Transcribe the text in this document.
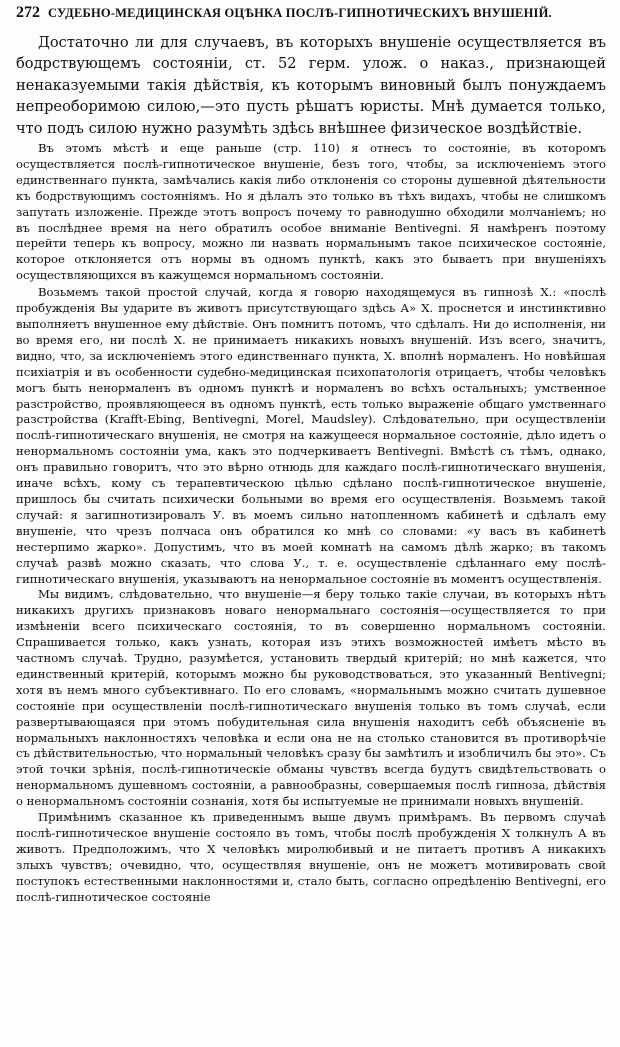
272 СУДЕБНО-МЕДИЦИНСКАЯ ОЦѢНКА ПОСЛѢ-ГИПНОТИЧЕСКИХЪ ВНУШЕНІЙ.

Достаточно ли для случаевъ, въ которыхъ внушеніе осуществляется въ бодрствующемъ состояніи, ст. 52 герм. улож. о наказ., признающей ненаказуемыми такія дѣйствія, къ которымъ виновный былъ понуждаемъ непреоборимою силою,—это пусть рѣшатъ юристы. Мнѣ думается только, что подъ силою нужно разумѣть здѣсь внѣшнее физическое воздѣйствіе.

Въ этомъ мѣстѣ и еще раньше (стр. 110) я отнесъ то состояніе, въ которомъ осуществляется послѣ-гипнотическое внушеніе, безъ того, чтобы, за исключеніемъ этого единственнаго пункта, замѣчались какія либо отклоненія со стороны душевной дѣятельности къ бодрствующимъ состояніямъ. Но я дѣлалъ это только въ тѣхъ видахъ, чтобы не слишкомъ запутать изложеніе. Прежде этотъ вопросъ почему то равнодушно обходили молчаніемъ; но въ послѣднее время на него обратилъ особое вниманіе Bentivegni. Я намѣренъ поэтому перейти теперь къ вопросу, можно ли назвать нормальнымъ такое психическое состояніе, которое отклоняется отъ нормы въ одномъ пунктѣ, какъ это бываетъ при внушеніяхъ осуществляющихся въ кажущемся нормальномъ состояніи.

Возьмемъ такой простой случай, когда я говорю находящемуся въ гипнозѣ X.: «послѣ пробужденія Вы ударите въ животъ присутствующаго здѣсь А» X. проснется и инстинктивно выполняетъ внушенное ему дѣйствіе. Онъ помнитъ потомъ, что сдѣлалъ. Ни до исполненія, ни во время его, ни послѣ X. не принимаетъ никакихъ новыхъ внушеній. Изъ всего, значитъ, видно, что, за исключеніемъ этого единственнаго пункта, X. вполнѣ нормаленъ. Но новѣйшая психіатрія и въ особенности судебно-медицинская психопатологія отрицаетъ, чтобы человѣкъ могъ быть ненормаленъ въ одномъ пунктѣ и нормаленъ во всѣхъ остальныхъ; умственное разстройство, проявляющееся въ одномъ пунктѣ, есть только выраженіе общаго умственнаго разстройства (Krafft-Ebing, Bentivegni, Morel, Maudsley). Слѣдовательно, при осуществленіи послѣ-гипнотическаго внушенія, не смотря на кажущееся нормальное состояніе, дѣло идетъ о ненормальномъ состояніи ума, какъ это подчеркиваетъ Bentivegni. Вмѣстѣ съ тѣмъ, однако, онъ правильно говоритъ, что это вѣрно отнюдь для каждаго послѣ-гипнотическаго внушенія, иначе всѣхъ, кому съ терапевтическою цѣлью сдѣлано послѣ-гипнотическое внушеніе, пришлось бы считать психически больными во время его осуществленія. Возьмемъ такой случай: я загипнотизировалъ У. въ моемъ сильно натопленномъ кабинетѣ и сдѣлалъ ему внушеніе, что чрезъ полчаса онъ обратился ко мнѣ со словами: «у васъ въ кабинетѣ нестерпимо жарко». Допустимъ, что въ моей комнатѣ на самомъ дѣлѣ жарко; въ такомъ случаѣ развѣ можно сказать, что слова У., т. е. осуществленіе сдѣланнаго ему послѣ-гипнотическаго внушенія, указываютъ на ненормальное состояніе въ моментъ осуществленія.

Мы видимъ, слѣдовательно, что внушеніе—я беру только такіе случаи, въ которыхъ нѣтъ никакихъ другихъ признаковъ новаго ненормальнаго состоянія—осуществляется то при измѣненіи всего психическаго состоянія, то въ совершенно нормальномъ состояніи. Спрашивается только, какъ узнать, которая изъ этихъ возможностей имѣетъ мѣсто въ частномъ случаѣ. Трудно, разумѣется, установить твердый критерій; но мнѣ кажется, что единственный критерій, которымъ можно бы руководствоваться, это указанный Bentivegni; хотя въ немъ много субъективнаго. По его словамъ, «нормальнымъ можно считать душевное состояніе при осуществленіи послѣ-гипнотическаго внушенія только въ томъ случаѣ, если развертывающаяся при этомъ побудительная сила внушенія находитъ себѣ объясненіе въ нормальныхъ наклонностяхъ человѣка и если она не на столько становится въ противорѣчіе съ дѣйствительностью, что нормальный человѣкъ сразу бы замѣтилъ и изобличилъ бы это». Съ этой точки зрѣнія, послѣ-гипнотическіе обманы чувствъ всегда будутъ свидѣтельствовать о ненормальномъ душевномъ состояніи, а равнообразны, совершаемыя послѣ гипноза, дѣйствія о ненормальномъ состояніи сознанія, хотя бы испытуемые не принимали новыхъ внушеній.

Примѣнимъ сказанное къ приведеннымъ выше двумъ примѣрамъ. Въ первомъ случаѣ послѣ-гипнотическое внушеніе состояло въ томъ, чтобы послѣ пробужденія X толкнулъ А въ животъ. Предположимъ, что X человѣкъ миролюбивый и не питаетъ противъ А никакихъ злыхъ чувствъ; очевидно, что, осуществляя внушеніе, онъ не можетъ мотивировать свой поступокъ естественными наклонностями и, стало быть, согласно опредѣленію Bentivegni, его послѣ-гипнотическое состояніе
